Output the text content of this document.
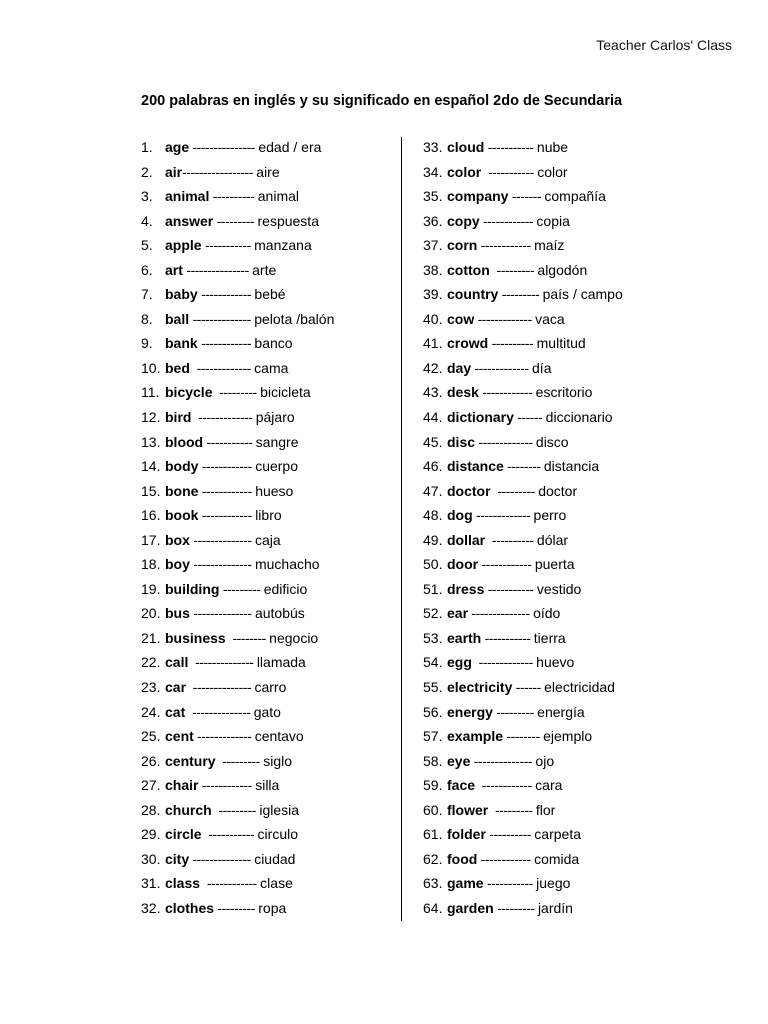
Teacher Carlos' Class
200 palabras en inglés y su significado en español 2do de Secundaria
1. age --------------- edad / era
2. air----------------- aire
3. animal ---------- animal
4. answer --------- respuesta
5. apple ----------- manzana
6. art --------------- arte
7. baby ------------ bebé
8. ball -------------- pelota /balón
9. bank ------------ banco
10. bed  ------------- cama
11. bicycle  --------- bicicleta
12. bird  ------------- pájaro
13. blood ----------- sangre
14. body ------------ cuerpo
15. bone ------------ hueso
16. book ------------ libro
17. box -------------- caja
18. boy -------------- muchacho
19. building --------- edificio
20. bus -------------- autobús
21. business  -------- negocio
22. call  -------------- llamada
23. car  -------------- carro
24. cat  -------------- gato
25. cent ------------- centavo
26. century  --------- siglo
27. chair ------------ silla
28. church  --------- iglesia
29. circle  ----------- circulo
30. city -------------- ciudad
31. class  ------------ clase
32. clothes --------- ropa
33. cloud ----------- nube
34. color  ----------- color
35. company ------- compañía
36. copy ------------ copia
37. corn ------------ maíz
38. cotton  --------- algodón
39. country --------- país / campo
40. cow ------------- vaca
41. crowd ---------- multitud
42. day ------------- día
43. desk ------------ escritorio
44. dictionary ------ diccionario
45. disc ------------- disco
46. distance -------- distancia
47. doctor  --------- doctor
48. dog ------------- perro
49. dollar  ---------- dólar
50. door ------------ puerta
51. dress ----------- vestido
52. ear -------------- oído
53. earth ----------- tierra
54. egg  ------------- huevo
55. electricity ------ electricidad
56. energy --------- energía
57. example -------- ejemplo
58. eye -------------- ojo
59. face  ------------ cara
60. flower  --------- flor
61. folder ---------- carpeta
62. food ------------ comida
63. game ----------- juego
64. garden --------- jardín
